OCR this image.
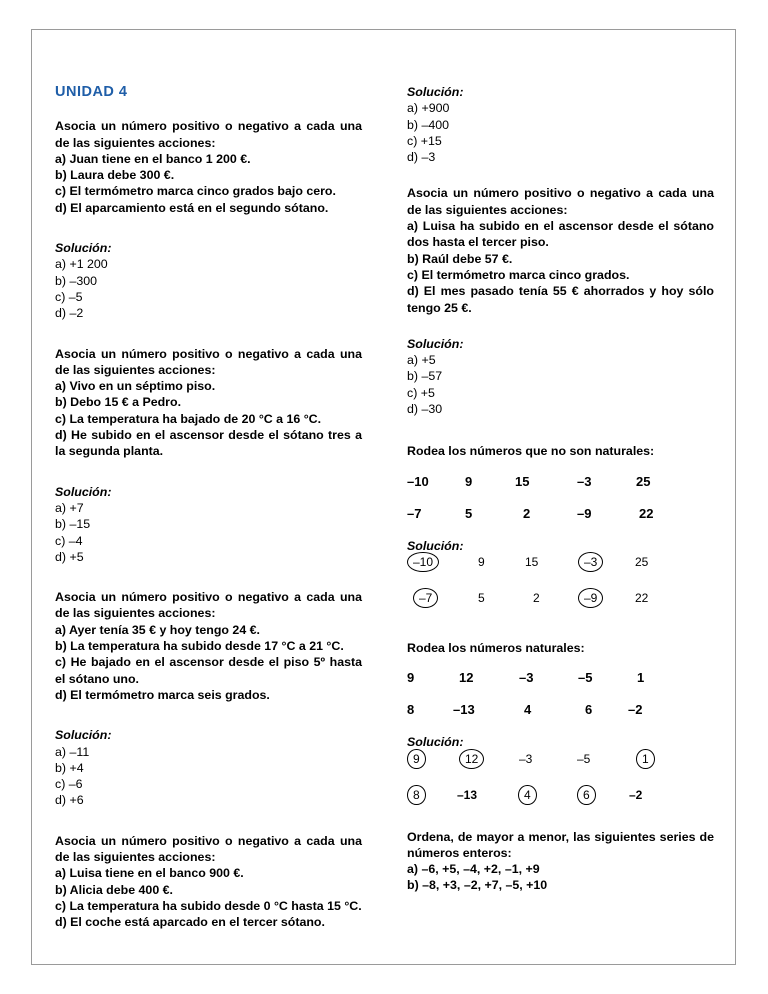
UNIDAD 4
Asocia un número positivo o negativo a cada una de las siguientes acciones:
a) Juan tiene en el banco 1 200 €.
b) Laura debe 300 €.
c) El termómetro marca cinco grados bajo cero.
d) El aparcamiento está en el segundo sótano.
Solución:
a) +1 200
b) –300
c) –5
d) –2
Asocia un número positivo o negativo a cada una de las siguientes acciones:
a) Vivo en un séptimo piso.
b) Debo 15 € a Pedro.
c) La temperatura ha bajado de 20 °C a 16 °C.
d) He subido en el ascensor desde el sótano tres a la segunda planta.
Solución:
a) +7
b) –15
c) –4
d) +5
Asocia un número positivo o negativo a cada una de las siguientes acciones:
a) Ayer tenía 35 € y hoy tengo 24 €.
b) La temperatura ha subido desde 17 °C a 21 °C.
c) He bajado en el ascensor desde el piso 5º hasta el sótano uno.
d) El termómetro marca seis grados.
Solución:
a) –11
b) +4
c) –6
d) +6
Asocia un número positivo o negativo a cada una de las siguientes acciones:
a) Luisa tiene en el banco 900 €.
b) Alicia debe 400 €.
c) La temperatura ha subido desde 0 °C hasta 15 °C.
d) El coche está aparcado en el tercer sótano.
Solución:
a) +900
b) –400
c) +15
d) –3
Asocia un número positivo o negativo a cada una de las siguientes acciones:
a) Luisa ha subido en el ascensor desde el sótano dos hasta el tercer piso.
b) Raúl debe 57 €.
c) El termómetro marca cinco grados.
d) El mes pasado tenía 55 € ahorrados y hoy sólo tengo 25 €.
Solución:
a) +5
b) –57
c) +5
d) –30
Rodea los números que no son naturales:
–10	9	15	–3	25
–7	5	2	–9	22
Solución:
–10	9	15	–3	25
–7	5	2	–9	22
Rodea los números naturales:
9	12	–3	–5	1
8	–13	4	6	–2
Solución:
9	12	–3	–5	1
8	–13	4	6	–2
Ordena, de mayor a menor, las siguientes series de números enteros:
a) –6, +5, –4, +2, –1, +9
b) –8, +3, –2, +7, –5, +10
